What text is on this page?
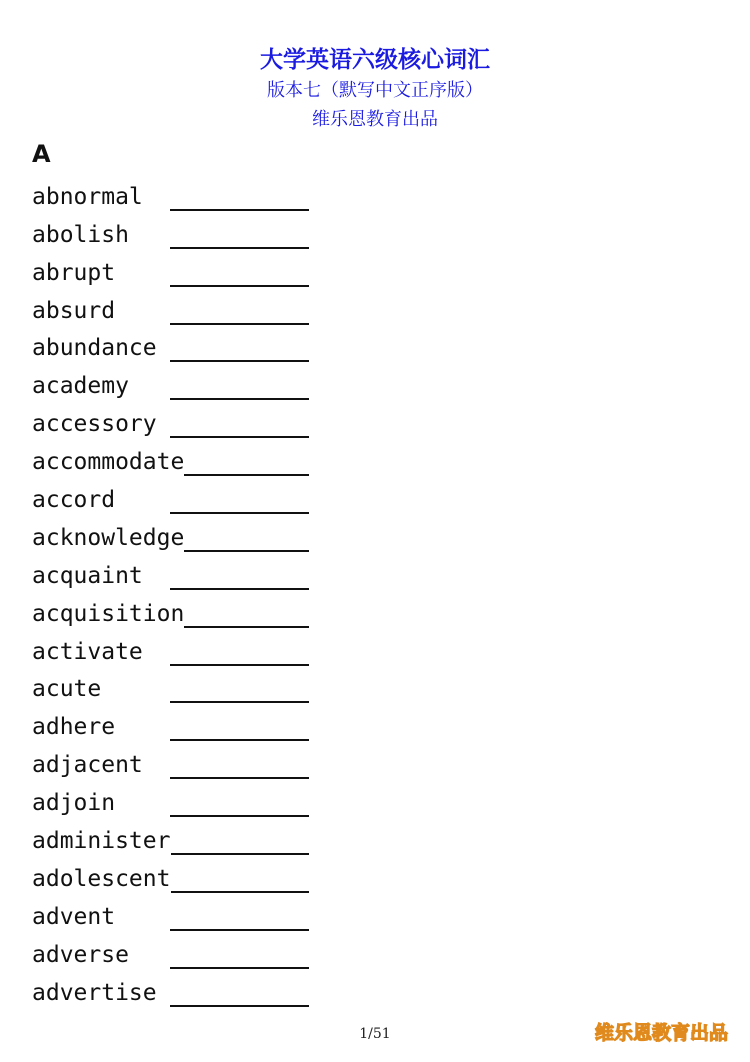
大学英语六级核心词汇
版本七（默写中文正序版）
维乐恩教育出品
A
abnormal
abolish
abrupt
absurd
abundance
academy
accessory
accommodate
accord
acknowledge
acquaint
acquisition
activate
acute
adhere
adjacent
adjoin
administer
adolescent
advent
adverse
advertise
1/51	维乐恩教育出品
